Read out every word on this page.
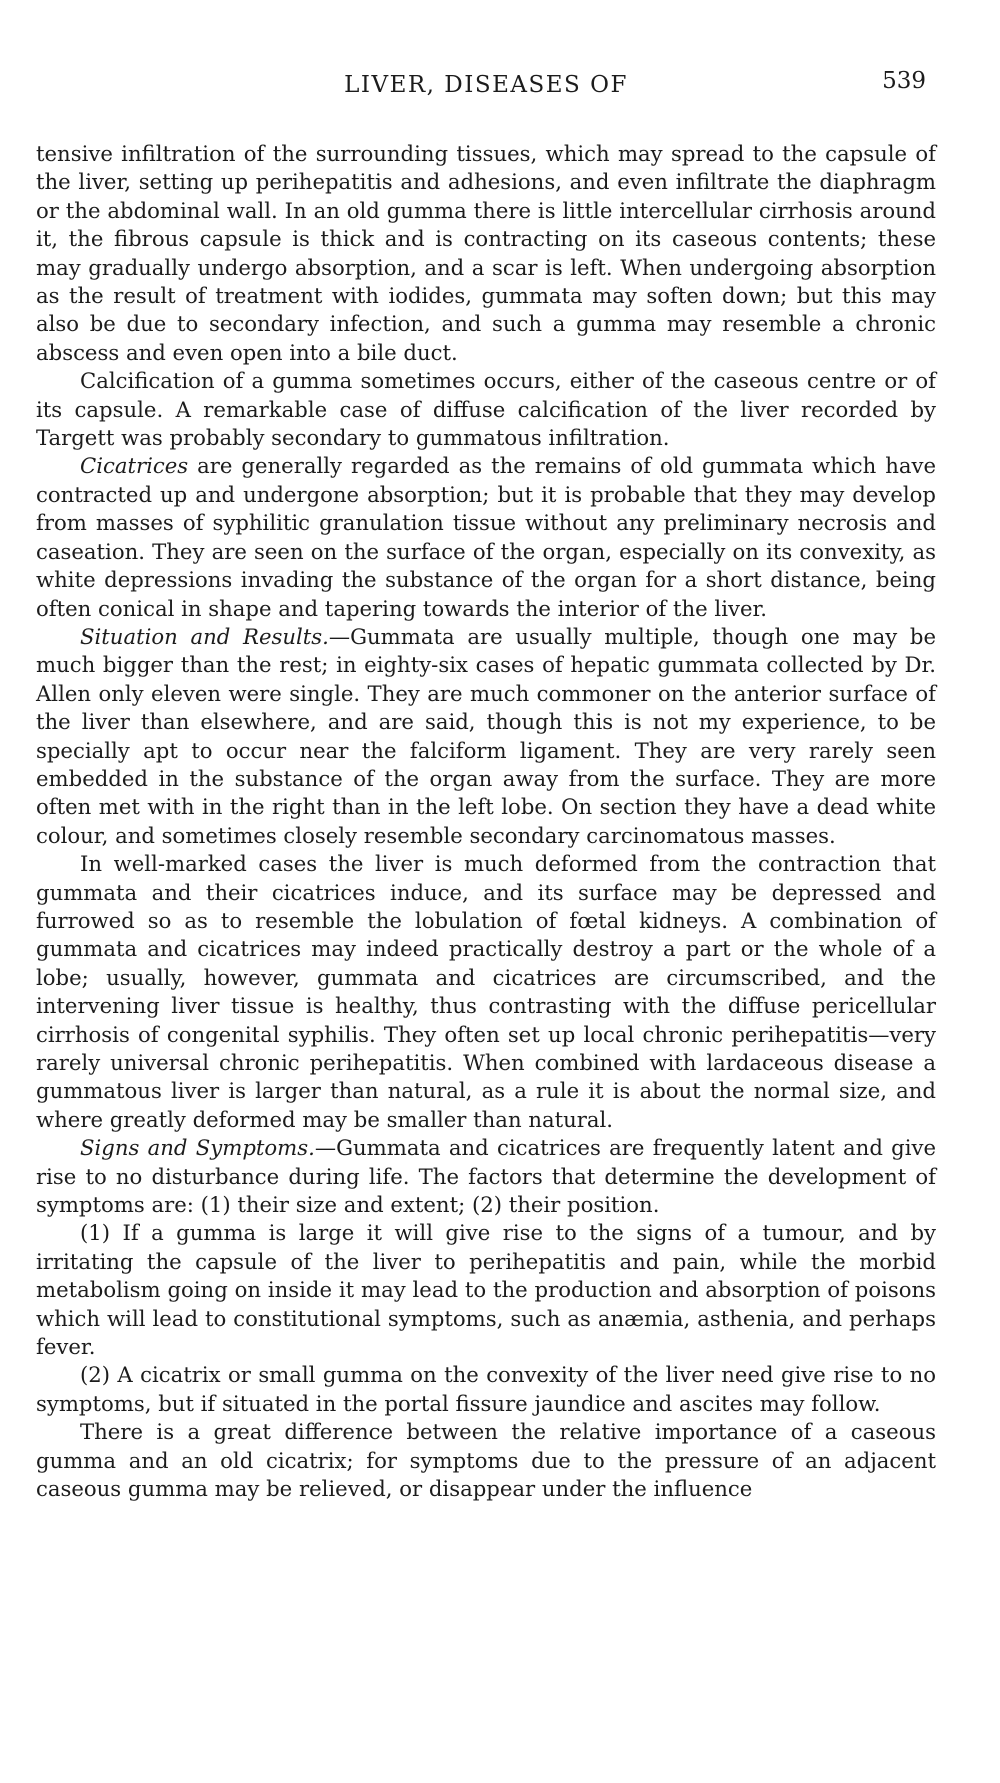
LIVER, DISEASES OF	539

tensive infiltration of the surrounding tissues, which may spread to the capsule of the liver, setting up perihepatitis and adhesions, and even infiltrate the diaphragm or the abdominal wall. In an old gumma there is little intercellular cirrhosis around it, the fibrous capsule is thick and is contracting on its caseous contents; these may gradually undergo absorption, and a scar is left. When undergoing absorption as the result of treatment with iodides, gummata may soften down; but this may also be due to secondary infection, and such a gumma may resemble a chronic abscess and even open into a bile duct.

Calcification of a gumma sometimes occurs, either of the caseous centre or of its capsule. A remarkable case of diffuse calcification of the liver recorded by Targett was probably secondary to gummatous infiltration.

Cicatrices are generally regarded as the remains of old gummata which have contracted up and undergone absorption; but it is probable that they may develop from masses of syphilitic granulation tissue without any preliminary necrosis and caseation. They are seen on the surface of the organ, especially on its convexity, as white depressions invading the substance of the organ for a short distance, being often conical in shape and tapering towards the interior of the liver.

Situation and Results.—Gummata are usually multiple, though one may be much bigger than the rest; in eighty-six cases of hepatic gummata collected by Dr. Allen only eleven were single. They are much commoner on the anterior surface of the liver than elsewhere, and are said, though this is not my experience, to be specially apt to occur near the falciform ligament. They are very rarely seen embedded in the substance of the organ away from the surface. They are more often met with in the right than in the left lobe. On section they have a dead white colour, and sometimes closely resemble secondary carcinomatous masses.

In well-marked cases the liver is much deformed from the contraction that gummata and their cicatrices induce, and its surface may be depressed and furrowed so as to resemble the lobulation of fœtal kidneys. A combination of gummata and cicatrices may indeed practically destroy a part or the whole of a lobe; usually, however, gummata and cicatrices are circumscribed, and the intervening liver tissue is healthy, thus contrasting with the diffuse pericellular cirrhosis of congenital syphilis. They often set up local chronic perihepatitis—very rarely universal chronic perihepatitis. When combined with lardaceous disease a gummatous liver is larger than natural, as a rule it is about the normal size, and where greatly deformed may be smaller than natural.

Signs and Symptoms.—Gummata and cicatrices are frequently latent and give rise to no disturbance during life. The factors that determine the development of symptoms are: (1) their size and extent; (2) their position.

(1) If a gumma is large it will give rise to the signs of a tumour, and by irritating the capsule of the liver to perihepatitis and pain, while the morbid metabolism going on inside it may lead to the production and absorption of poisons which will lead to constitutional symptoms, such as anæmia, asthenia, and perhaps fever.

(2) A cicatrix or small gumma on the convexity of the liver need give rise to no symptoms, but if situated in the portal fissure jaundice and ascites may follow.

There is a great difference between the relative importance of a caseous gumma and an old cicatrix; for symptoms due to the pressure of an adjacent caseous gumma may be relieved, or disappear under the influence
